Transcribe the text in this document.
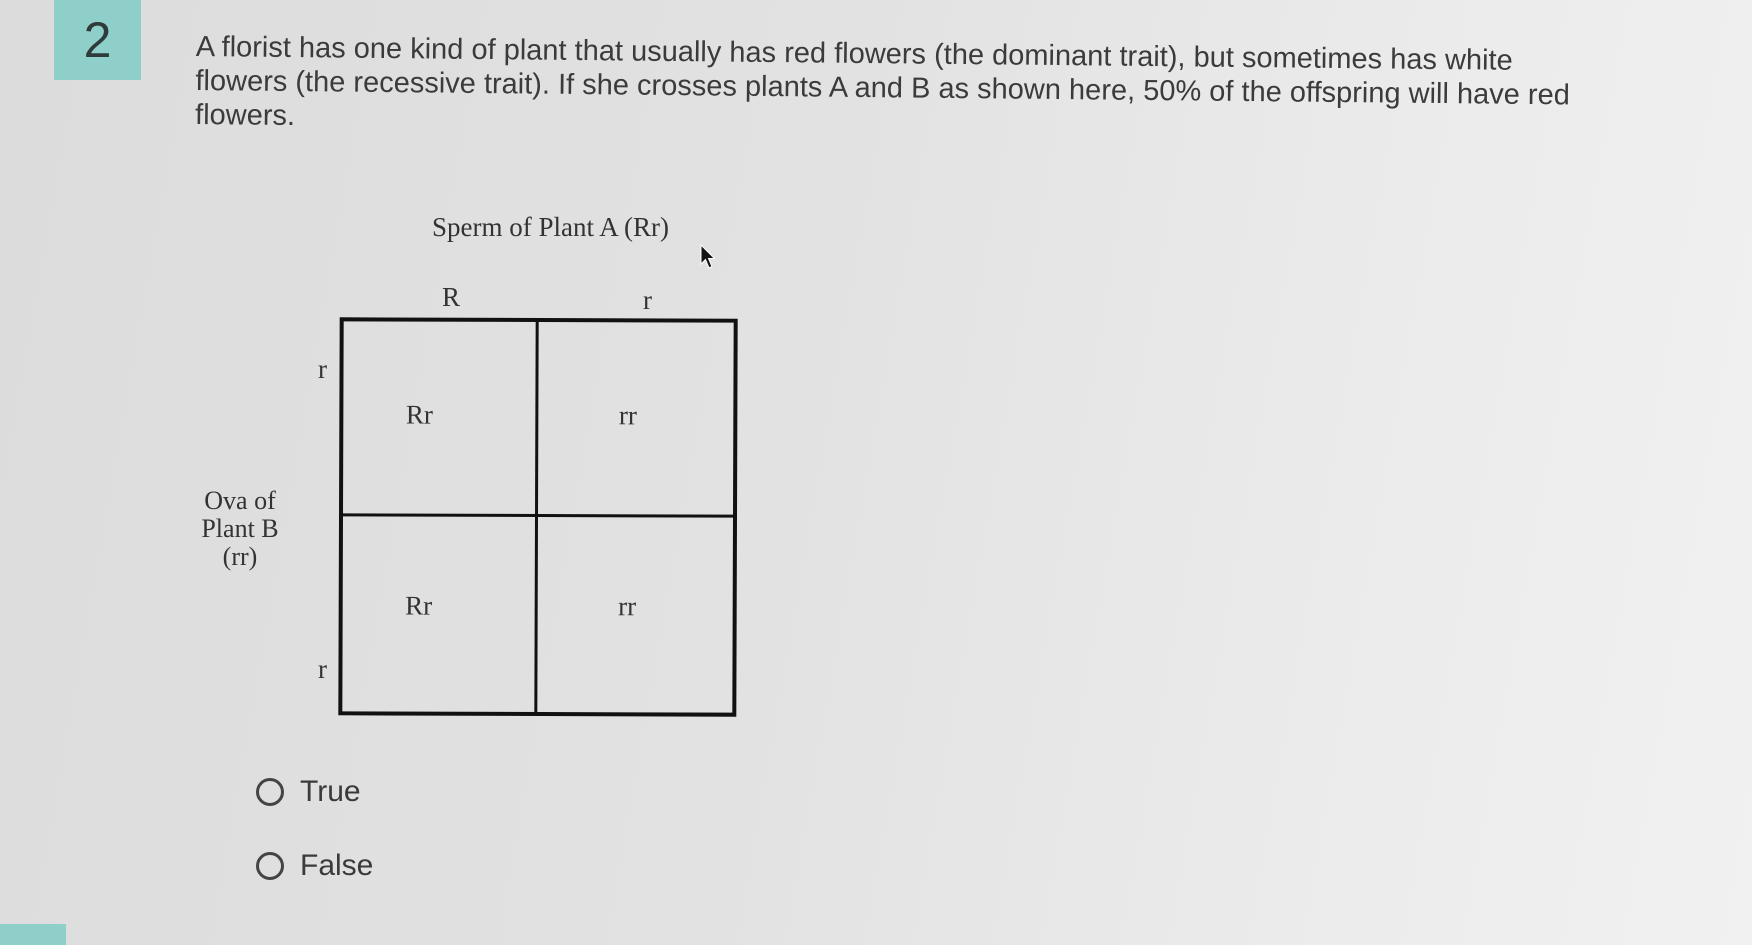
2	A florist has one kind of plant that usually has red flowers (the dominant trait), but sometimes has white flowers (the recessive trait). If she crosses plants A and B as shown here, 50% of the offspring will have red flowers.

Sperm of Plant A (Rr)
R	r
r
r
Ova of
Plant B
(rr)
Rr	rr
Rr	rr
True
False
